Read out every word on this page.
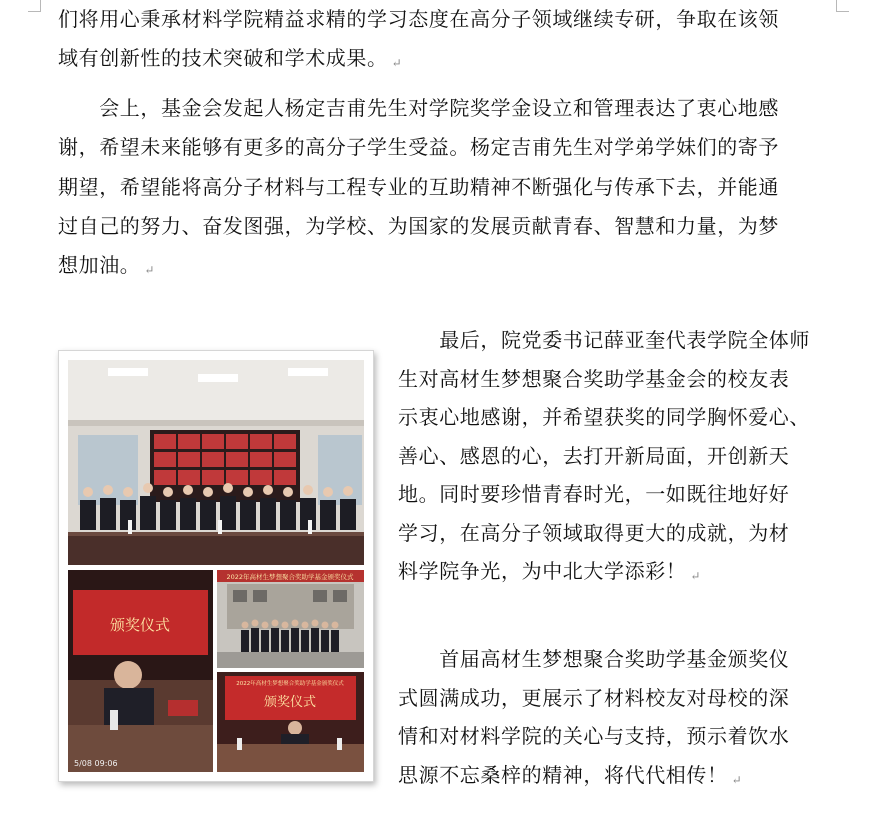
们将用心秉承材料学院精益求精的学习态度在高分子领域继续专研，争取在该领

域有创新性的技术突破和学术成果。 ↵

　　会上，基金会发起人杨定吉甫先生对学院奖学金设立和管理表达了衷心地感

谢，希望未来能够有更多的高分子学生受益。杨定吉甫先生对学弟学妹们的寄予

期望，希望能将高分子材料与工程专业的互助精神不断强化与传承下去，并能通

过自己的努力、奋发图强，为学校、为国家的发展贡献青春、智慧和力量，为梦

想加油。 ↵

颁奖仪式
5/08 09:06
2022年高材生梦想聚合奖助学基金颁奖仪式
2022年高材生梦想聚合奖助学基金颁奖仪式
颁奖仪式

　　最后，院党委书记薛亚奎代表学院全体师

生对高材生梦想聚合奖助学基金会的校友表

示衷心地感谢，并希望获奖的同学胸怀爱心、

善心、感恩的心，去打开新局面，开创新天

地。同时要珍惜青春时光，一如既往地好好

学习，在高分子领域取得更大的成就，为材

料学院争光，为中北大学添彩！ ↵

　　首届高材生梦想聚合奖助学基金颁奖仪

式圆满成功，更展示了材料校友对母校的深

情和对材料学院的关心与支持，预示着饮水

思源不忘桑梓的精神，将代代相传！ ↵
